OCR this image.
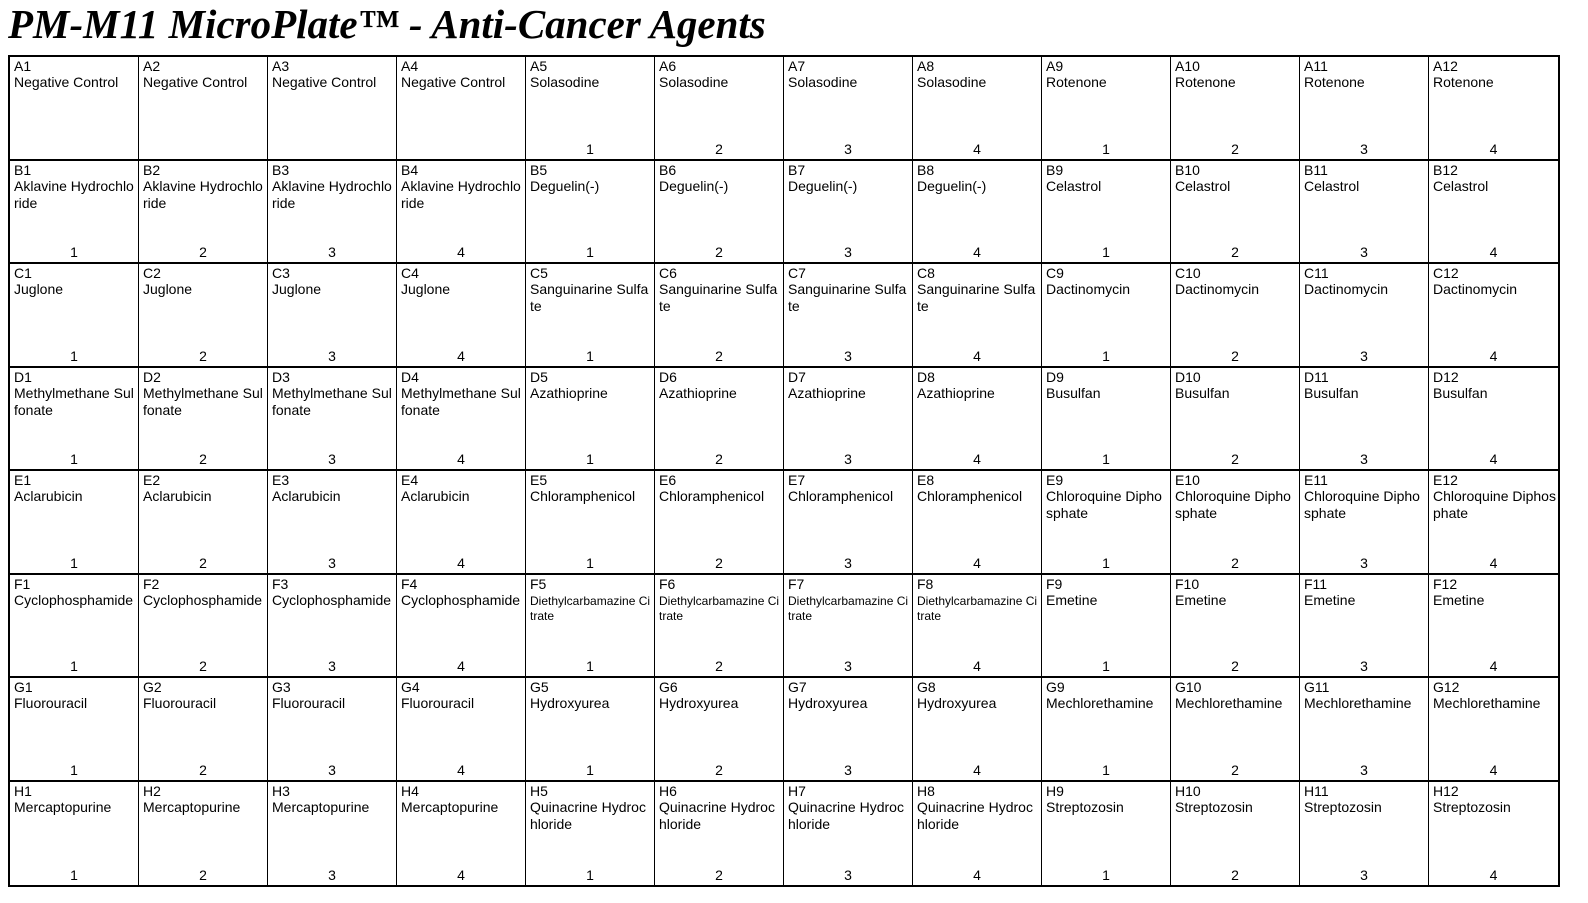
PM-M11 MicroPlate™ - Anti-Cancer Agents
A1
Negative Control
A2
Negative Control
A3
Negative Control
A4
Negative Control
A5
Solasodine
1
A6
Solasodine
2
A7
Solasodine
3
A8
Solasodine
4
A9
Rotenone
1
A10
Rotenone
2
A11
Rotenone
3
A12
Rotenone
4
B1
Aklavine Hydrochloride
1
B2
Aklavine Hydrochloride
2
B3
Aklavine Hydrochloride
3
B4
Aklavine Hydrochloride
4
B5
Deguelin(-)
1
B6
Deguelin(-)
2
B7
Deguelin(-)
3
B8
Deguelin(-)
4
B9
Celastrol
1
B10
Celastrol
2
B11
Celastrol
3
B12
Celastrol
4
C1
Juglone
1
C2
Juglone
2
C3
Juglone
3
C4
Juglone
4
C5
Sanguinarine Sulfate
1
C6
Sanguinarine Sulfate
2
C7
Sanguinarine Sulfate
3
C8
Sanguinarine Sulfate
4
C9
Dactinomycin
1
C10
Dactinomycin
2
C11
Dactinomycin
3
C12
Dactinomycin
4
D1
Methylmethane Sulfonate
1
D2
Methylmethane Sulfonate
2
D3
Methylmethane Sulfonate
3
D4
Methylmethane Sulfonate
4
D5
Azathioprine
1
D6
Azathioprine
2
D7
Azathioprine
3
D8
Azathioprine
4
D9
Busulfan
1
D10
Busulfan
2
D11
Busulfan
3
D12
Busulfan
4
E1
Aclarubicin
1
E2
Aclarubicin
2
E3
Aclarubicin
3
E4
Aclarubicin
4
E5
Chloramphenicol
1
E6
Chloramphenicol
2
E7
Chloramphenicol
3
E8
Chloramphenicol
4
E9
Chloroquine Diphosphate
1
E10
Chloroquine Diphosphate
2
E11
Chloroquine Diphosphate
3
E12
Chloroquine Diphosphate
4
F1
Cyclophosphamide
1
F2
Cyclophosphamide
2
F3
Cyclophosphamide
3
F4
Cyclophosphamide
4
F5
Diethylcarbamazine Citrate
1
F6
Diethylcarbamazine Citrate
2
F7
Diethylcarbamazine Citrate
3
F8
Diethylcarbamazine Citrate
4
F9
Emetine
1
F10
Emetine
2
F11
Emetine
3
F12
Emetine
4
G1
Fluorouracil
1
G2
Fluorouracil
2
G3
Fluorouracil
3
G4
Fluorouracil
4
G5
Hydroxyurea
1
G6
Hydroxyurea
2
G7
Hydroxyurea
3
G8
Hydroxyurea
4
G9
Mechlorethamine
1
G10
Mechlorethamine
2
G11
Mechlorethamine
3
G12
Mechlorethamine
4
H1
Mercaptopurine
1
H2
Mercaptopurine
2
H3
Mercaptopurine
3
H4
Mercaptopurine
4
H5
Quinacrine Hydrochloride
1
H6
Quinacrine Hydrochloride
2
H7
Quinacrine Hydrochloride
3
H8
Quinacrine Hydrochloride
4
H9
Streptozosin
1
H10
Streptozosin
2
H11
Streptozosin
3
H12
Streptozosin
4
